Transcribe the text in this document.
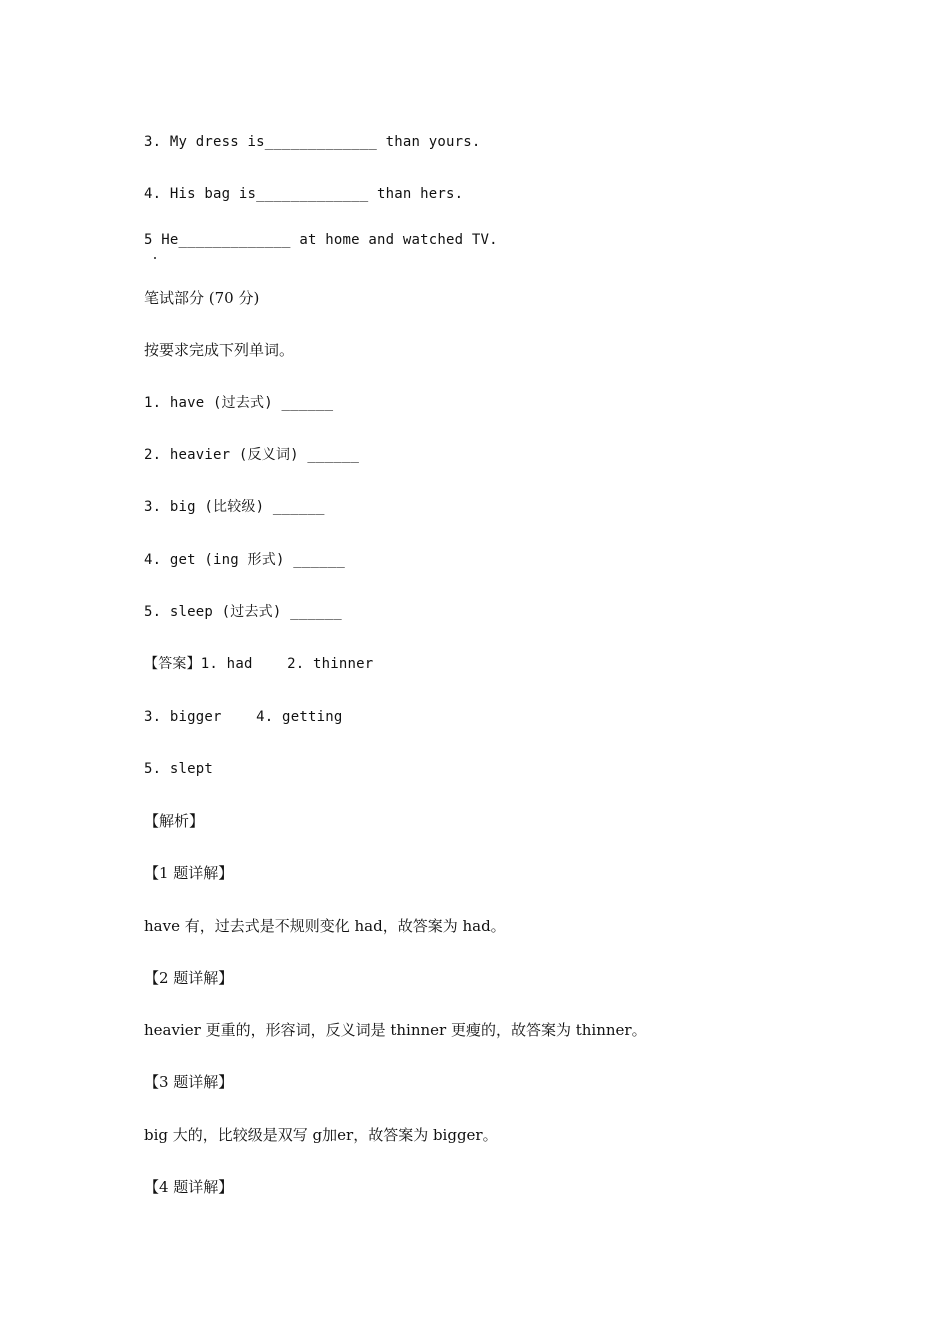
3. My dress is_____________ than yours.
4. His bag is_____________ than hers.
5 He_____________ at home and watched TV.
笔试部分 (70 分)
按要求完成下列单词。
1. have (过去式) ______
2. heavier (反义词) ______
3. big (比较级) ______
4. get (ing 形式) ______
5. sleep (过去式) ______
【答案】1. had    2. thinner
3. bigger    4. getting
5. slept
【解析】
【1 题详解】
have 有，过去式是不规则变化 had，故答案为 had。
【2 题详解】
heavier 更重的，形容词，反义词是 thinner 更瘦的，故答案为 thinner。
【3 题详解】
big 大的，比较级是双写 g加er，故答案为 bigger。
【4 题详解】
